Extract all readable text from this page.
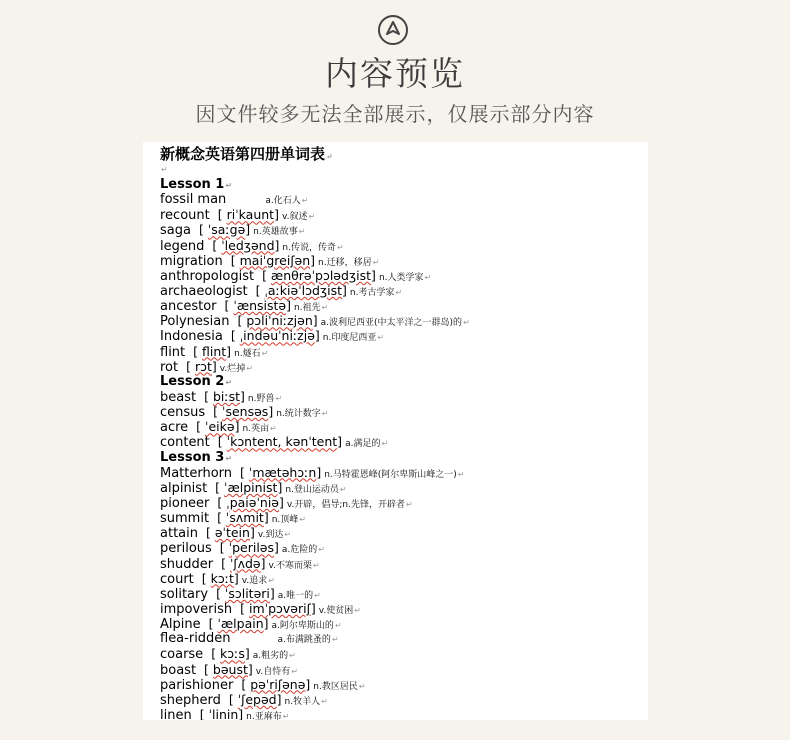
内容预览
因文件较多无法全部展示，仅展示部分内容
新概念英语第四册单词表↵
↵
Lesson 1↵
fossil man	a.化石人↵
recount [ riˈkaunt] v.叙述↵
saga [ ˈsaːgə] n.英雄故事↵
legend [ ˈledʒənd] n.传说，传奇↵
migration [ maiˈgreiʃən] n.迁移，移居↵
anthropologist [ ænθrəˈpɔlədʒist] n.人类学家↵
archaeologist [ ˌaːkiəˈlɔdʒist] n.考古学家↵
ancestor [ ˈænsistə] n.祖先↵
Polynesian [ pɔliˈniːzjən] a.波利尼西亚(中太平洋之一群岛)的↵
Indonesia [ ˌindəuˈniːzjə] n.印度尼西亚↵
flint [ flint] n.燧石↵
rot [ rɔt] v.烂掉↵
Lesson 2↵
beast [ biːst] n.野兽↵
census [ ˈsensəs] n.统计数字↵
acre [ ˈeikə] n.英亩↵
content [ ˈkɔntent, kənˈtent] a.满足的↵
Lesson 3↵
Matterhorn [ ˈmætəhɔːn] n.马特霍恩峰(阿尔卑斯山峰之一)↵
alpinist [ ˈælpinist] n.登山运动员↵
pioneer [ ˌpaiəˈniə] v.开辟，倡导;n.先锋，开辟者↵
summit [ ˈsʌmit] n.顶峰↵
attain [ əˈtein] v.到达↵
perilous [ ˈperiləs] a.危险的↵
shudder [ ˈʃʌdə] v.不寒而栗↵
court [ kɔːt] v.追求↵
solitary [ ˈsɔlitəri] a.唯一的↵
impoverish [ imˈpɔvəriʃ] v.使贫困↵
Alpine [ ˈælpain] a.阿尔卑斯山的↵
flea-ridden	a.布满跳蚤的↵
coarse [ kɔːs] a.粗劣的↵
boast [ bəust] v.自恃有↵
parishioner [ pəˈriʃənə] n.教区居民↵
shepherd [ ˈʃepəd] n.牧羊人↵
linen [ ˈlinin] n.亚麻布↵
